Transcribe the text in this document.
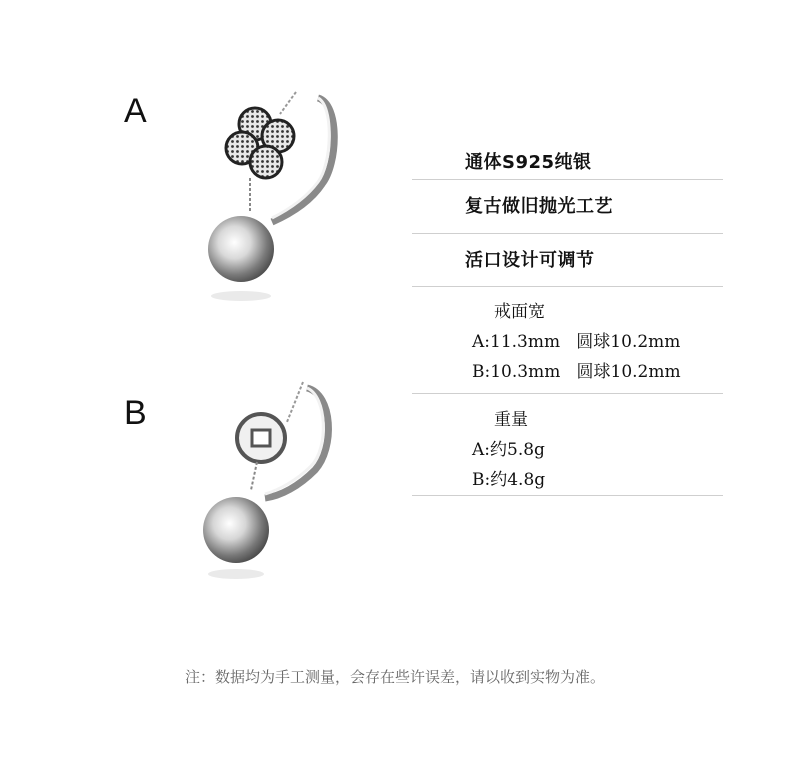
A
B
通体S925纯银
复古做旧抛光工艺
活口设计可调节
戒面宽
A:11.3mm   圆球10.2mm
B:10.3mm   圆球10.2mm
重量
A:约5.8g
B:约4.8g
注：数据均为手工测量，会存在些许误差，请以收到实物为准。
